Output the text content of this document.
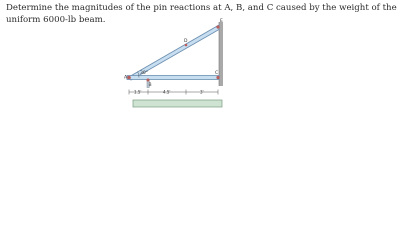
Determine the magnitudes of the pin reactions at A, B, and C caused by the weight of the
uniform 6000-lb beam.
A
B
C
D
E
30°
1.5'	4.5'	3'
